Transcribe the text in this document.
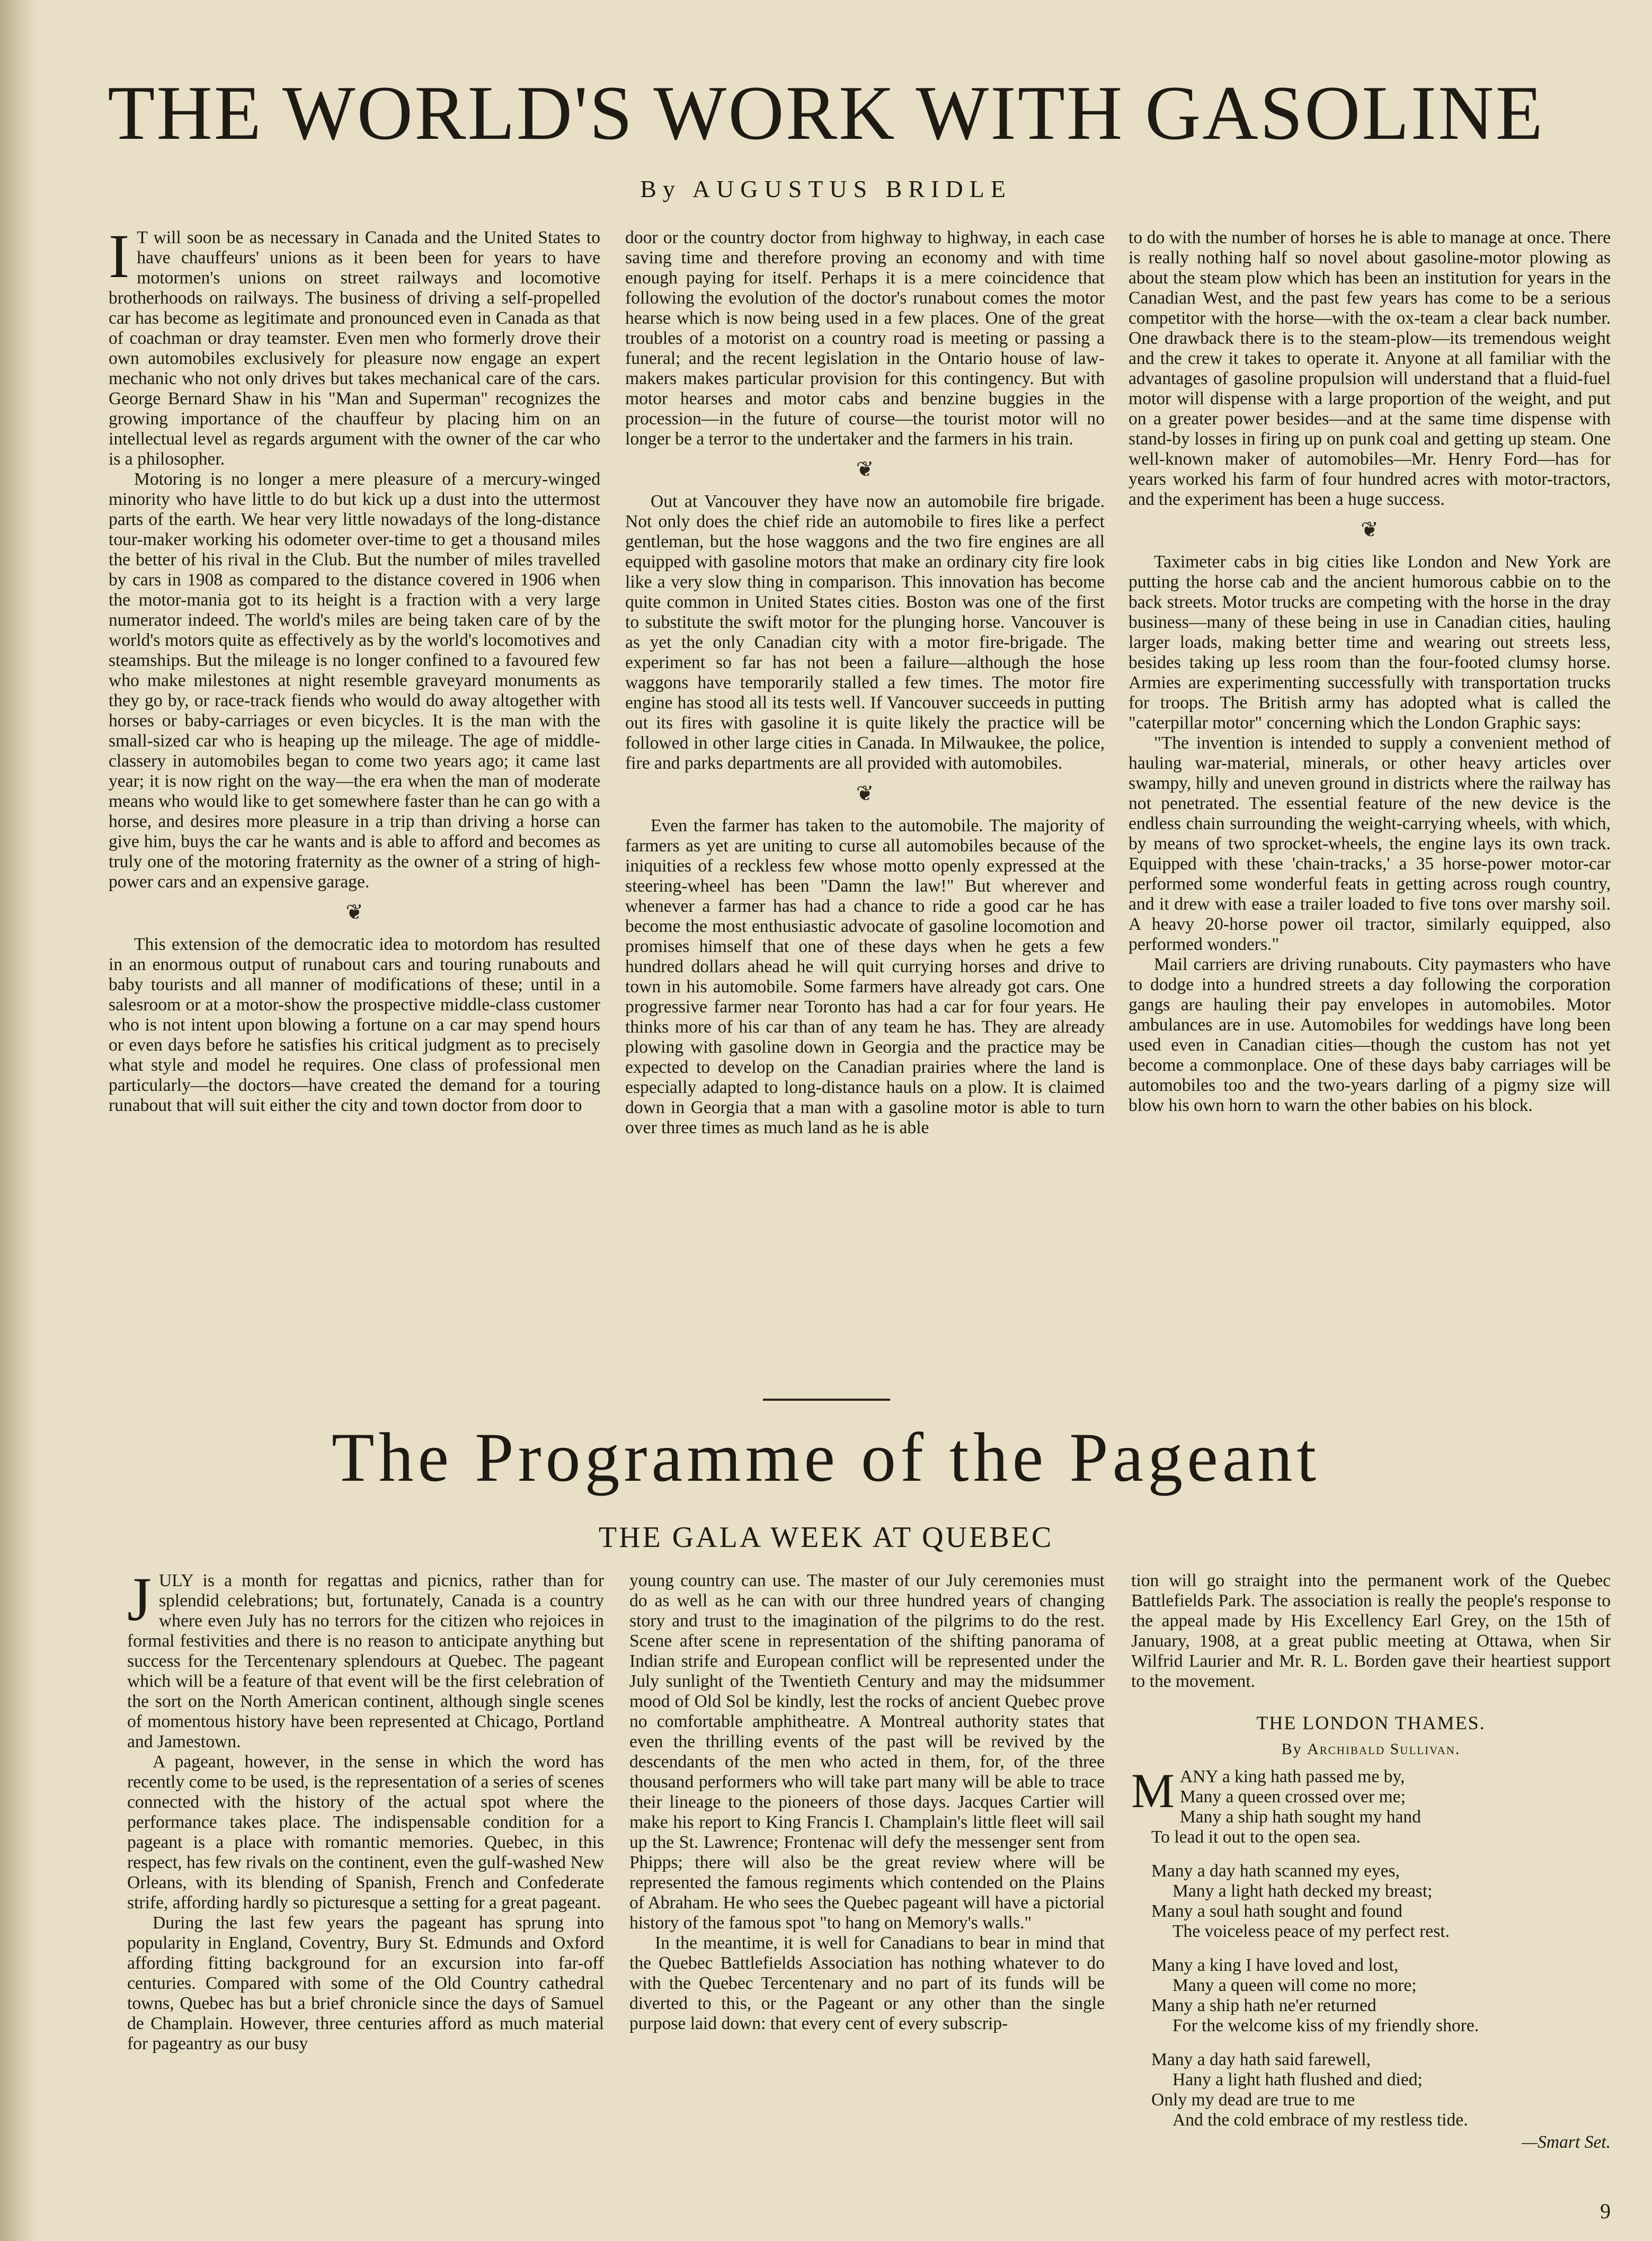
THE WORLD'S WORK WITH GASOLINE
By AUGUSTUS BRIDLE

I T will soon be as necessary in Canada and the United States to have chauffeurs' unions as it been been for years to have motormen's unions on street railways and locomotive brotherhoods on railways. The business of driving a self-propelled car has become as legitimate and pronounced even in Canada as that of coachman or dray teamster. Even men who formerly drove their own automobiles exclusively for pleasure now engage an expert mechanic who not only drives but takes mechanical care of the cars. George Bernard Shaw in his "Man and Superman" recognizes the growing importance of the chauffeur by placing him on an intellectual level as regards argument with the owner of the car who is a philosopher.

Motoring is no longer a mere pleasure of a mercury-winged minority who have little to do but kick up a dust into the uttermost parts of the earth. We hear very little nowadays of the long-distance tour-maker working his odometer over-time to get a thousand miles the better of his rival in the Club. But the number of miles travelled by cars in 1908 as compared to the distance covered in 1906 when the motor-mania got to its height is a fraction with a very large numerator indeed. The world's miles are being taken care of by the world's motors quite as effectively as by the world's locomotives and steamships. But the mileage is no longer confined to a favoured few who make milestones at night resemble graveyard monuments as they go by, or race-track fiends who would do away altogether with horses or baby-carriages or even bicycles. It is the man with the small-sized car who is heaping up the mileage. The age of middle-classery in automobiles began to come two years ago; it came last year; it is now right on the way—the era when the man of moderate means who would like to get somewhere faster than he can go with a horse, and desires more pleasure in a trip than driving a horse can give him, buys the car he wants and is able to afford and becomes as truly one of the motoring fraternity as the owner of a string of high-power cars and an expensive garage.

❦

This extension of the democratic idea to motordom has resulted in an enormous output of runabout cars and touring runabouts and baby tourists and all manner of modifications of these; until in a salesroom or at a motor-show the prospective middle-class customer who is not intent upon blowing a fortune on a car may spend hours or even days before he satisfies his critical judgment as to precisely what style and model he requires. One class of professional men particularly—the doctors—have created the demand for a touring runabout that will suit either the city and town doctor from door to

door or the country doctor from highway to highway, in each case saving time and therefore proving an economy and with time enough paying for itself. Perhaps it is a mere coincidence that following the evolution of the doctor's runabout comes the motor hearse which is now being used in a few places. One of the great troubles of a motorist on a country road is meeting or passing a funeral; and the recent legislation in the Ontario house of law-makers makes particular provision for this contingency. But with motor hearses and motor cabs and benzine buggies in the procession—in the future of course—the tourist motor will no longer be a terror to the undertaker and the farmers in his train.

❦

Out at Vancouver they have now an automobile fire brigade. Not only does the chief ride an automobile to fires like a perfect gentleman, but the hose waggons and the two fire engines are all equipped with gasoline motors that make an ordinary city fire look like a very slow thing in comparison. This innovation has become quite common in United States cities. Boston was one of the first to substitute the swift motor for the plunging horse. Vancouver is as yet the only Canadian city with a motor fire-brigade. The experiment so far has not been a failure—although the hose waggons have temporarily stalled a few times. The motor fire engine has stood all its tests well. If Vancouver succeeds in putting out its fires with gasoline it is quite likely the practice will be followed in other large cities in Canada. In Milwaukee, the police, fire and parks departments are all provided with automobiles.

❦

Even the farmer has taken to the automobile. The majority of farmers as yet are uniting to curse all automobiles because of the iniquities of a reckless few whose motto openly expressed at the steering-wheel has been "Damn the law!" But wherever and whenever a farmer has had a chance to ride a good car he has become the most enthusiastic advocate of gasoline locomotion and promises himself that one of these days when he gets a few hundred dollars ahead he will quit currying horses and drive to town in his automobile. Some farmers have already got cars. One progressive farmer near Toronto has had a car for four years. He thinks more of his car than of any team he has. They are already plowing with gasoline down in Georgia and the practice may be expected to develop on the Canadian prairies where the land is especially adapted to long-distance hauls on a plow. It is claimed down in Georgia that a man with a gasoline motor is able to turn over three times as much land as he is able

to do with the number of horses he is able to manage at once. There is really nothing half so novel about gasoline-motor plowing as about the steam plow which has been an institution for years in the Canadian West, and the past few years has come to be a serious competitor with the horse—with the ox-team a clear back number. One drawback there is to the steam-plow—its tremendous weight and the crew it takes to operate it. Anyone at all familiar with the advantages of gasoline propulsion will understand that a fluid-fuel motor will dispense with a large proportion of the weight, and put on a greater power besides—and at the same time dispense with stand-by losses in firing up on punk coal and getting up steam. One well-known maker of automobiles—Mr. Henry Ford—has for years worked his farm of four hundred acres with motor-tractors, and the experiment has been a huge success.

❦

Taximeter cabs in big cities like London and New York are putting the horse cab and the ancient humorous cabbie on to the back streets. Motor trucks are competing with the horse in the dray business—many of these being in use in Canadian cities, hauling larger loads, making better time and wearing out streets less, besides taking up less room than the four-footed clumsy horse. Armies are experimenting successfully with transportation trucks for troops. The British army has adopted what is called the "caterpillar motor" concerning which the London Graphic says:

"The invention is intended to supply a convenient method of hauling war-material, minerals, or other heavy articles over swampy, hilly and uneven ground in districts where the railway has not penetrated. The essential feature of the new device is the endless chain surrounding the weight-carrying wheels, with which, by means of two sprocket-wheels, the engine lays its own track. Equipped with these 'chain-tracks,' a 35 horse-power motor-car performed some wonderful feats in getting across rough country, and it drew with ease a trailer loaded to five tons over marshy soil. A heavy 20-horse power oil tractor, similarly equipped, also performed wonders."

Mail carriers are driving runabouts. City paymasters who have to dodge into a hundred streets a day following the corporation gangs are hauling their pay envelopes in automobiles. Motor ambulances are in use. Automobiles for weddings have long been used even in Canadian cities—though the custom has not yet become a commonplace. One of these days baby carriages will be automobiles too and the two-years darling of a pigmy size will blow his own horn to warn the other babies on his block.

The Programme of the Pageant
THE GALA WEEK AT QUEBEC

JULY is a month for regattas and picnics, rather than for splendid celebrations; but, fortunately, Canada is a country where even July has no terrors for the citizen who rejoices in formal festivities and there is no reason to anticipate anything but success for the Tercentenary splendours at Quebec. The pageant which will be a feature of that event will be the first celebration of the sort on the North American continent, although single scenes of momentous history have been represented at Chicago, Portland and Jamestown.

A pageant, however, in the sense in which the word has recently come to be used, is the representation of a series of scenes connected with the history of the actual spot where the performance takes place. The indispensable condition for a pageant is a place with romantic memories. Quebec, in this respect, has few rivals on the continent, even the gulf-washed New Orleans, with its blending of Spanish, French and Confederate strife, affording hardly so picturesque a setting for a great pageant.

During the last few years the pageant has sprung into popularity in England, Coventry, Bury St. Edmunds and Oxford affording fitting background for an excursion into far-off centuries. Compared with some of the Old Country cathedral towns, Quebec has but a brief chronicle since the days of Samuel de Champlain. However, three centuries afford as much material for pageantry as our busy

young country can use. The master of our July ceremonies must do as well as he can with our three hundred years of changing story and trust to the imagination of the pilgrims to do the rest. Scene after scene in representation of the shifting panorama of Indian strife and European conflict will be represented under the July sunlight of the Twentieth Century and may the midsummer mood of Old Sol be kindly, lest the rocks of ancient Quebec prove no comfortable amphitheatre. A Montreal authority states that even the thrilling events of the past will be revived by the descendants of the men who acted in them, for, of the three thousand performers who will take part many will be able to trace their lineage to the pioneers of those days. Jacques Cartier will make his report to King Francis I. Champlain's little fleet will sail up the St. Lawrence; Frontenac will defy the messenger sent from Phipps; there will also be the great review where will be represented the famous regiments which contended on the Plains of Abraham. He who sees the Quebec pageant will have a pictorial history of the famous spot "to hang on Memory's walls."

In the meantime, it is well for Canadians to bear in mind that the Quebec Battlefields Association has nothing whatever to do with the Quebec Tercentenary and no part of its funds will be diverted to this, or the Pageant or any other than the single purpose laid down: that every cent of every subscrip-

tion will go straight into the permanent work of the Quebec Battlefields Park. The association is really the people's response to the appeal made by His Excellency Earl Grey, on the 15th of January, 1908, at a great public meeting at Ottawa, when Sir Wilfrid Laurier and Mr. R. L. Borden gave their heartiest support to the movement.

THE LONDON THAMES.
By Archibald Sullivan.
M ANY a king hath passed me by,
Many a queen crossed over me;
Many a ship hath sought my hand
To lead it out to the open sea.
Many a day hath scanned my eyes,
Many a light hath decked my breast;
Many a soul hath sought and found
The voiceless peace of my perfect rest.
Many a king I have loved and lost,
Many a queen will come no more;
Many a ship hath ne'er returned
For the welcome kiss of my friendly shore.
Many a day hath said farewell,
Hany a light hath flushed and died;
Only my dead are true to me
And the cold embrace of my restless tide.
—Smart Set.
9
